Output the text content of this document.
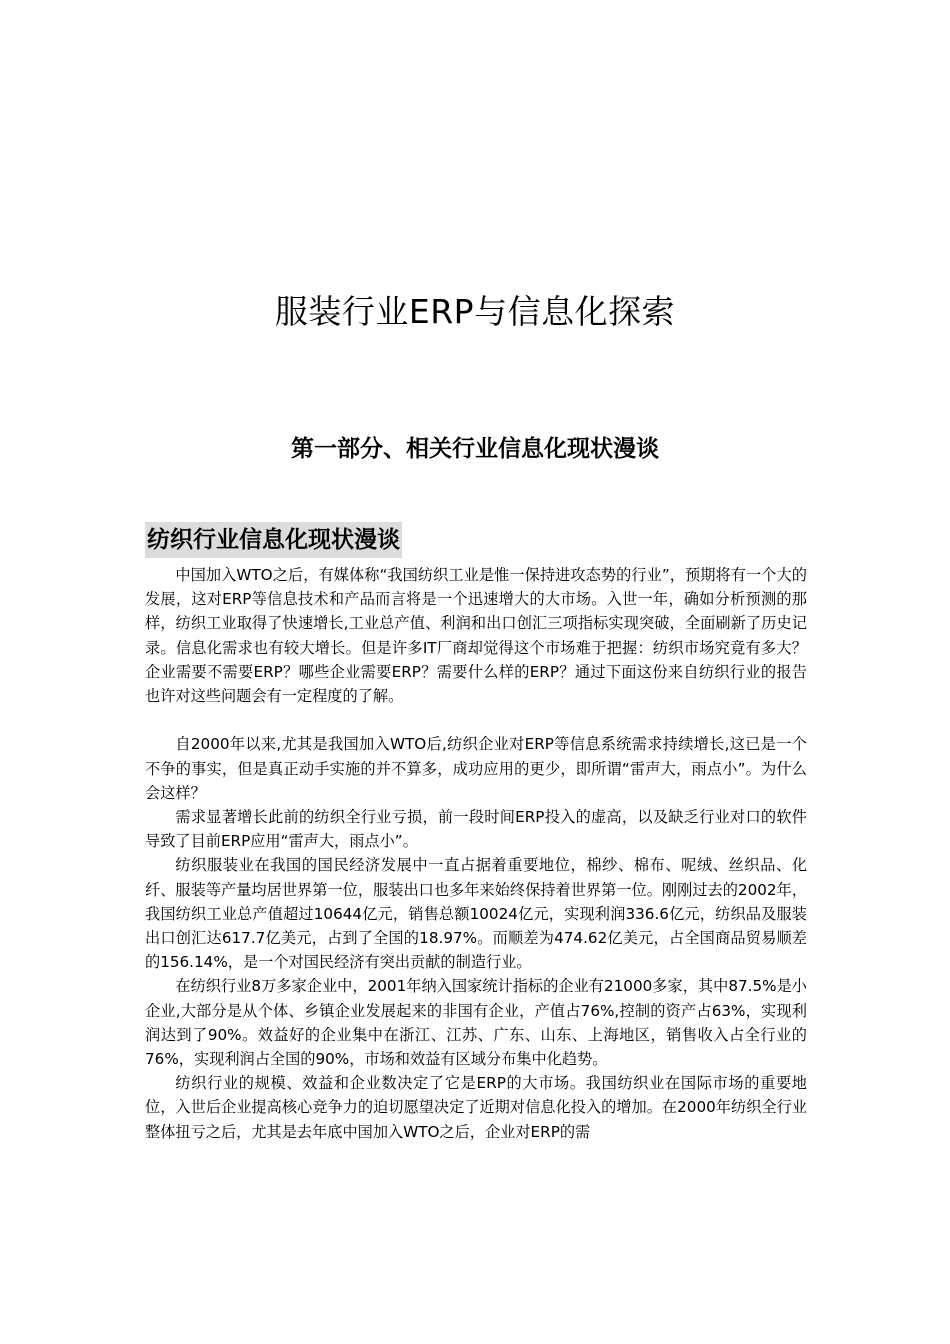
服装行业ERP与信息化探索
第一部分、相关行业信息化现状漫谈
纺织行业信息化现状漫谈

中国加入WTO之后，有媒体称“我国纺织工业是惟一保持进攻态势的行业”，预期将有一个大的发展，这对ERP等信息技术和产品而言将是一个迅速增大的大市场。入世一年，确如分析预测的那样，纺织工业取得了快速增长,工业总产值、利润和出口创汇三项指标实现突破，全面刷新了历史记录。信息化需求也有较大增长。但是许多IT厂商却觉得这个市场难于把握：纺织市场究竟有多大？企业需要不需要ERP？哪些企业需要ERP？需要什么样的ERP？通过下面这份来自纺织行业的报告也许对这些问题会有一定程度的了解。

自2000年以来,尤其是我国加入WTO后,纺织企业对ERP等信息系统需求持续增长,这已是一个不争的事实，但是真正动手实施的并不算多，成功应用的更少，即所谓“雷声大，雨点小”。为什么会这样？

需求显著增长此前的纺织全行业亏损，前一段时间ERP投入的虚高，以及缺乏行业对口的软件导致了目前ERP应用“雷声大，雨点小”。

纺织服装业在我国的国民经济发展中一直占据着重要地位，棉纱、棉布、呢绒、丝织品、化纤、服装等产量均居世界第一位，服装出口也多年来始终保持着世界第一位。刚刚过去的2002年，我国纺织工业总产值超过10644亿元，销售总额10024亿元，实现利润336.6亿元，纺织品及服装出口创汇达617.7亿美元，占到了全国的18.97%。而顺差为474.62亿美元，占全国商品贸易顺差的156.14%，是一个对国民经济有突出贡献的制造行业。

在纺织行业8万多家企业中，2001年纳入国家统计指标的企业有21000多家，其中87.5%是小企业,大部分是从个体、乡镇企业发展起来的非国有企业，产值占76%,控制的资产占63%，实现利润达到了90%。效益好的企业集中在浙江、江苏、广东、山东、上海地区，销售收入占全行业的76%，实现利润占全国的90%，市场和效益有区域分布集中化趋势。

纺织行业的规模、效益和企业数决定了它是ERP的大市场。我国纺织业在国际市场的重要地位，入世后企业提高核心竞争力的迫切愿望决定了近期对信息化投入的增加。在2000年纺织全行业整体扭亏之后，尤其是去年底中国加入WTO之后，企业对ERP的需
